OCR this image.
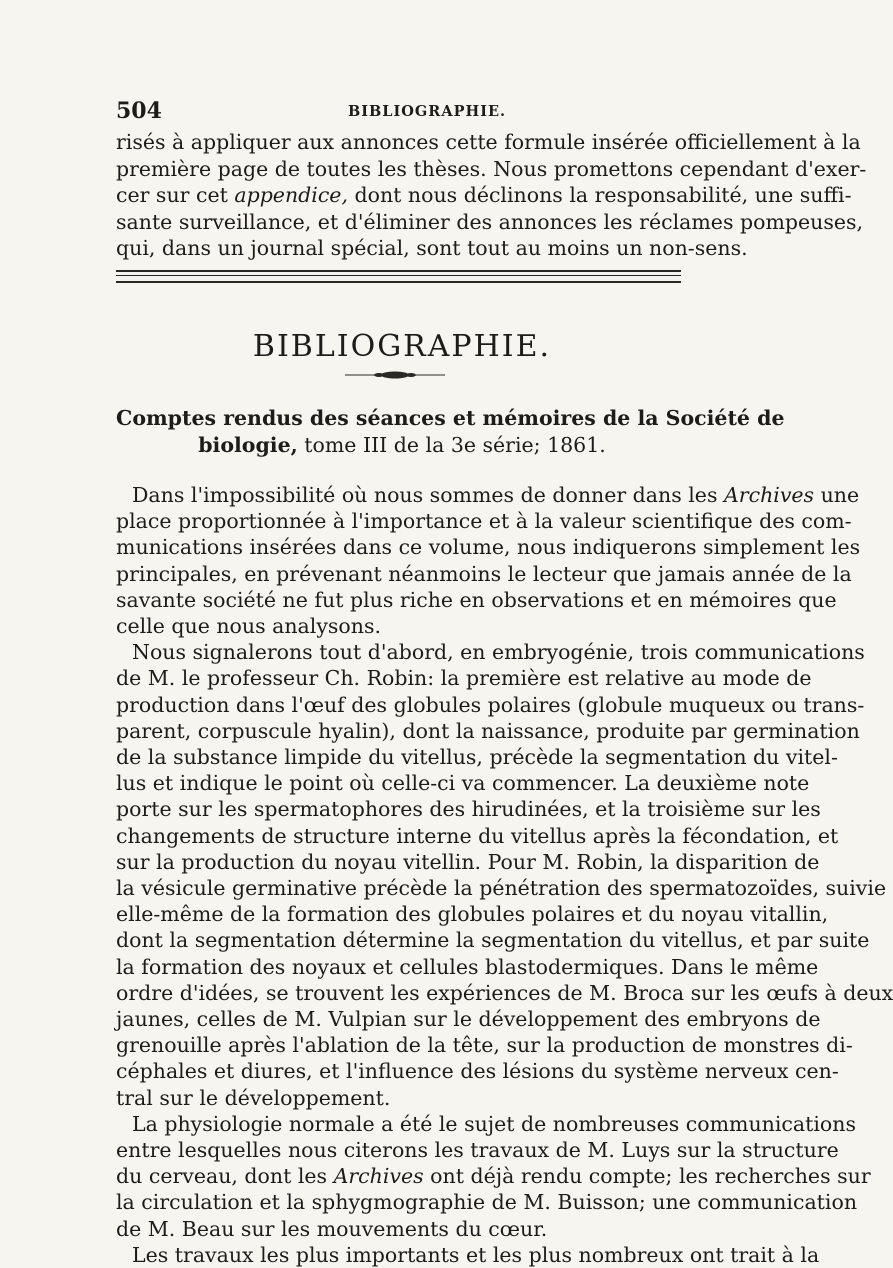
504	BIBLIOGRAPHIE.
risés à appliquer aux annonces cette formule insérée officiellement à la
première page de toutes les thèses. Nous promettons cependant d'exer-
cer sur cet appendice, dont nous déclinons la responsabilité, une suffi-
sante surveillance, et d'éliminer des annonces les réclames pompeuses,
qui, dans un journal spécial, sont tout au moins un non-sens.
BIBLIOGRAPHIE.
Comptes rendus des séances et mémoires de la Société de
biologie, tome III de la 3e série; 1861.
Dans l'impossibilité où nous sommes de donner dans les Archives une
place proportionnée à l'importance et à la valeur scientifique des com-
munications insérées dans ce volume, nous indiquerons simplement les
principales, en prévenant néanmoins le lecteur que jamais année de la
savante société ne fut plus riche en observations et en mémoires que
celle que nous analysons.
Nous signalerons tout d'abord, en embryogénie, trois communications
de M. le professeur Ch. Robin: la première est relative au mode de
production dans l'œuf des globules polaires (globule muqueux ou trans-
parent, corpuscule hyalin), dont la naissance, produite par germination
de la substance limpide du vitellus, précède la segmentation du vitel-
lus et indique le point où celle-ci va commencer. La deuxième note
porte sur les spermatophores des hirudinées, et la troisième sur les
changements de structure interne du vitellus après la fécondation, et
sur la production du noyau vitellin. Pour M. Robin, la disparition de
la vésicule germinative précède la pénétration des spermatozoïdes, suivie
elle-même de la formation des globules polaires et du noyau vitallin,
dont la segmentation détermine la segmentation du vitellus, et par suite
la formation des noyaux et cellules blastodermiques. Dans le même
ordre d'idées, se trouvent les expériences de M. Broca sur les œufs à deux
jaunes, celles de M. Vulpian sur le développement des embryons de
grenouille après l'ablation de la tête, sur la production de monstres di-
céphales et diures, et l'influence des lésions du système nerveux cen-
tral sur le développement.
La physiologie normale a été le sujet de nombreuses communications
entre lesquelles nous citerons les travaux de M. Luys sur la structure
du cerveau, dont les Archives ont déjà rendu compte; les recherches sur
la circulation et la sphygmographie de M. Buisson; une communication
de M. Beau sur les mouvements du cœur.
Les travaux les plus importants et les plus nombreux ont trait à la
